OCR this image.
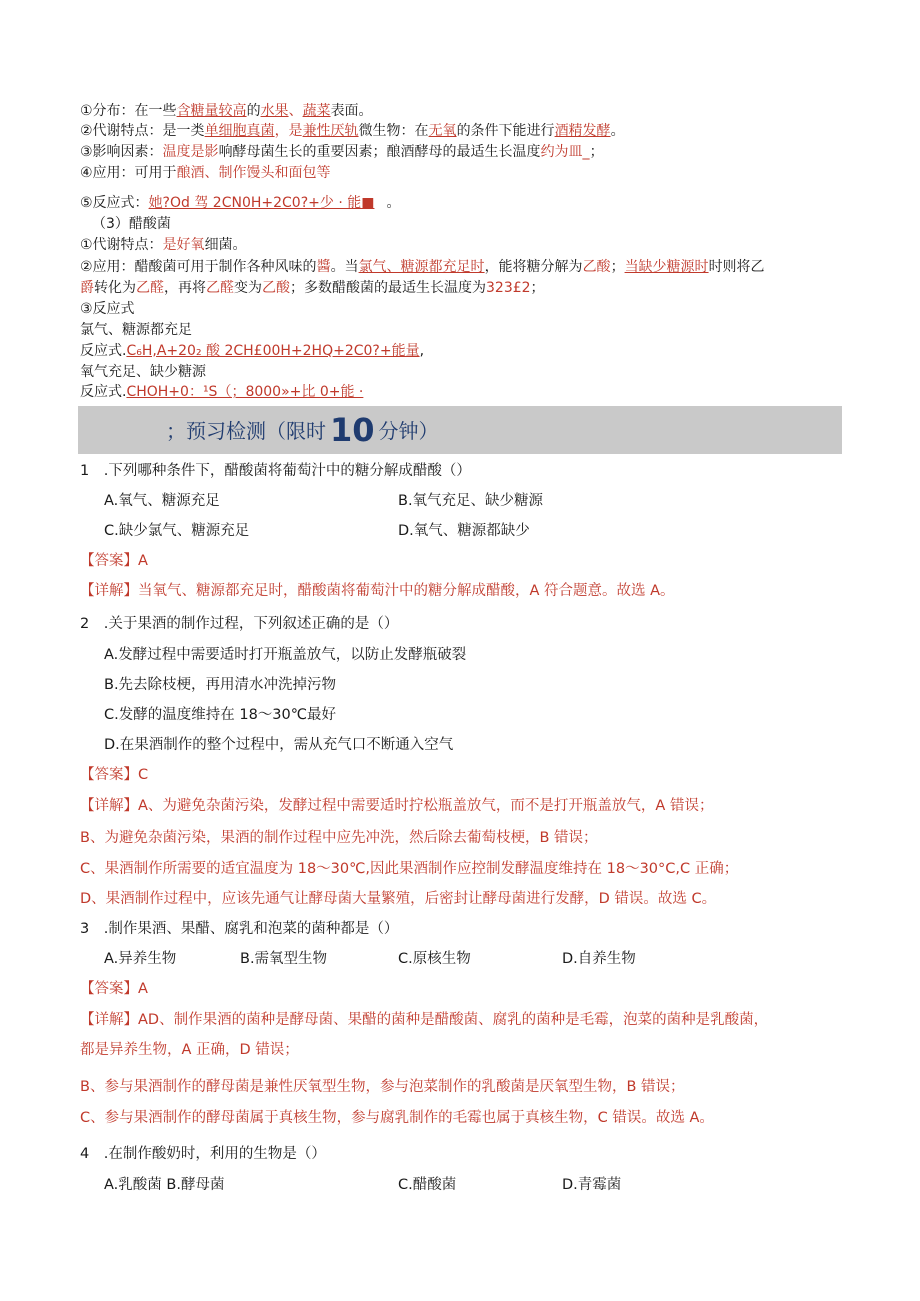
①分布：在一些含糖量较高的水果、蔬菜表面。
②代谢特点：是一类单细胞真菌，是兼性厌轨微生物：在无氧的条件下能进行酒精发酵。
③影响因素：温度是影响酵母菌生长的重要因素；酿酒酵母的最适生长温度约为皿_；
④应用：可用于酿酒、制作馒头和面包等
⑤反应式：她?Od 驾 2CN0H+2C0?+少 · 能■ 。
（3）醋酸菌
①代谢特点：是好氧细菌。
②应用：醋酸菌可用于制作各种风味的醬。当氯气、糖源都充足时，能将糖分解为乙酸；当缺少糖源时时则将乙
爵转化为乙醛，再将乙醛变为乙酸；多数醋酸菌的最适生长温度为323£2；
③反应式
氯气、糖源都充足
反应式.C₆H,A+20₂ 酸 2CH£00H+2HQ+2C0?+能量,
氧气充足、缺少糖源
反应式.CHOH+0：¹S（；8000»+比 0+能 ·
；预习检测（限时 10 分钟）
1　.下列哪种条件下，醋酸菌将葡萄汁中的糖分解成醋酸（）
A.氧气、糖源充足	B.氧气充足、缺少糖源
C.缺少氯气、糖源充足	D.氧气、糖源都缺少
【答案】A
【详解】当氧气、糖源都充足时，醋酸菌将葡萄汁中的糖分解成醋酸，A 符合题意。故选 A。
2　.关于果酒的制作过程，下列叙述正确的是（）
A.发酵过程中需要适时打开瓶盖放气，以防止发酵瓶破裂
B.先去除枝梗，再用清水冲洗掉污物
C.发酵的温度维持在 18～30℃最好
D.在果酒制作的整个过程中，需从充气口不断通入空气
【答案】C
【详解】A、为避免杂菌污染，发酵过程中需要适时拧松瓶盖放气，而不是打开瓶盖放气，A 错误；
B、为避免杂菌污染，果酒的制作过程中应先冲洗，然后除去葡萄枝梗，B 错误；
C、果酒制作所需要的适宜温度为 18～30℃,因此果酒制作应控制发酵温度维持在 18～30°C,C 正确；
D、果酒制作过程中，应该先通气让酵母菌大量繁殖，后密封让酵母菌进行发酵，D 错误。故选 C。
3　.制作果酒、果醋、腐乳和泡菜的菌种都是（）
A.异养生物	B.需氧型生物	C.原核生物	D.自养生物
【答案】A
【详解】AD、制作果酒的菌种是酵母菌、果醋的菌种是醋酸菌、腐乳的菌种是毛霉，泡菜的菌种是乳酸菌，
都是异养生物，A 正确，D 错误；
B、参与果酒制作的酵母菌是兼性厌氧型生物，参与泡菜制作的乳酸菌是厌氧型生物，B 错误；
C、参与果酒制作的酵母菌属于真核生物，参与腐乳制作的毛霉也属于真核生物，C 错误。故选 A。
4　.在制作酸奶时，利用的生物是（）
A.乳酸菌 B.酵母菌	C.醋酸菌	D.青霉菌
